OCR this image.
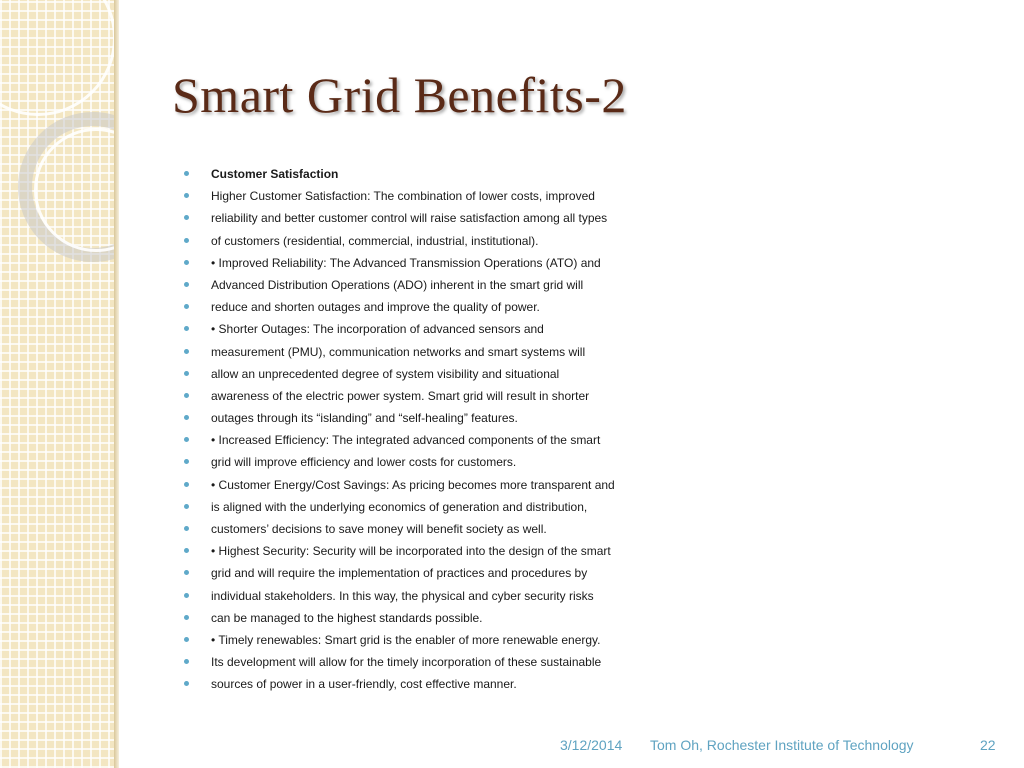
Smart Grid Benefits-2
Customer Satisfaction
Higher Customer Satisfaction: The combination of lower costs, improved
reliability and better customer control will raise satisfaction among all types
of customers (residential, commercial, industrial, institutional).
• Improved Reliability: The Advanced Transmission Operations (ATO) and
Advanced Distribution Operations (ADO) inherent in the smart grid will
reduce and shorten outages and improve the quality of power.
• Shorter Outages: The incorporation of advanced sensors and
measurement (PMU), communication networks and smart systems will
allow an unprecedented degree of system visibility and situational
awareness of the electric power system. Smart grid will result in shorter
outages through its “islanding” and “self-healing” features.
• Increased Efficiency: The integrated advanced components of the smart
grid will improve efficiency and lower costs for customers.
• Customer Energy/Cost Savings: As pricing becomes more transparent and
is aligned with the underlying economics of generation and distribution,
customers’ decisions to save money will benefit society as well.
• Highest Security: Security will be incorporated into the design of the smart
grid and will require the implementation of practices and procedures by
individual stakeholders. In this way, the physical and cyber security risks
can be managed to the highest standards possible.
• Timely renewables: Smart grid is the enabler of more renewable energy.
Its development will allow for the timely incorporation of these sustainable
sources of power in a user-friendly, cost effective manner.
3/12/2014 Tom Oh, Rochester Institute of Technology	22
